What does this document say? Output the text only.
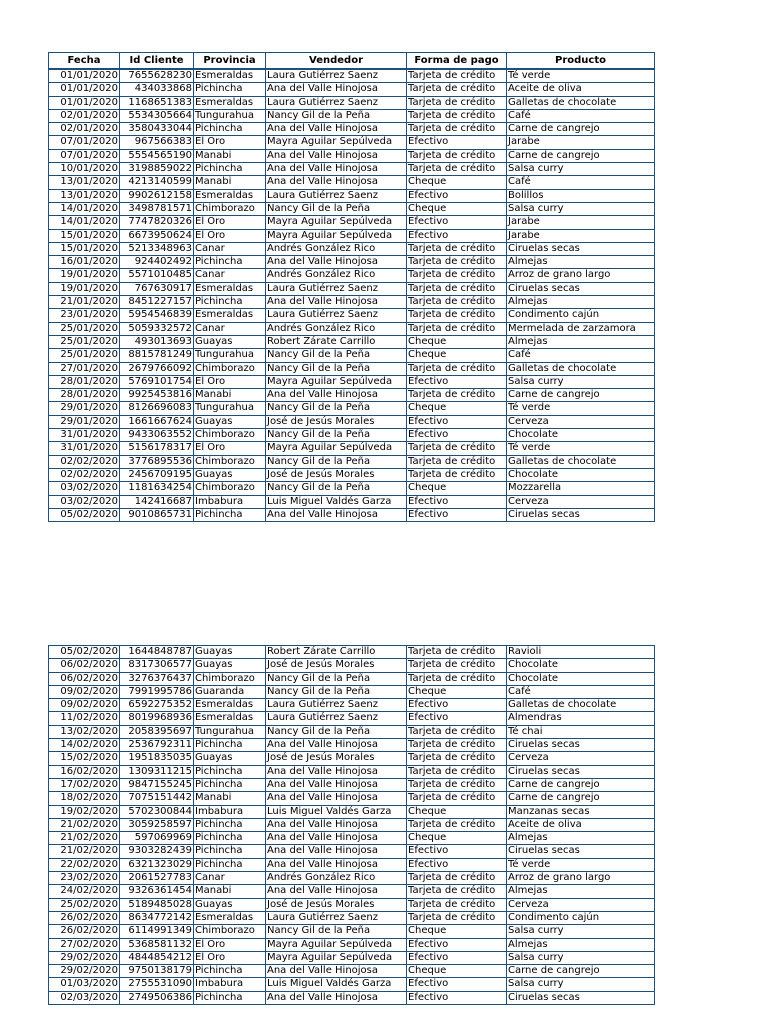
Fecha	Id Cliente	Provincia	Vendedor	Forma de pago	Producto
01/01/2020	7655628230	Esmeraldas	Laura Gutiérrez Saenz	Tarjeta de crédito	Té verde
01/01/2020	434033868	Pichincha	Ana del Valle Hinojosa	Tarjeta de crédito	Aceite de oliva
01/01/2020	1168651383	Esmeraldas	Laura Gutiérrez Saenz	Tarjeta de crédito	Galletas de chocolate
02/01/2020	5534305664	Tungurahua	Nancy Gil de la Peña	Tarjeta de crédito	Café
02/01/2020	3580433044	Pichincha	Ana del Valle Hinojosa	Tarjeta de crédito	Carne de cangrejo
07/01/2020	967566383	El Oro	Mayra Aguilar Sepúlveda	Efectivo	Jarabe
07/01/2020	5554565190	Manabi	Ana del Valle Hinojosa	Tarjeta de crédito	Carne de cangrejo
10/01/2020	3198859022	Pichincha	Ana del Valle Hinojosa	Tarjeta de crédito	Salsa curry
13/01/2020	4213140599	Manabi	Ana del Valle Hinojosa	Cheque	Café
13/01/2020	9902612158	Esmeraldas	Laura Gutiérrez Saenz	Efectivo	Bolillos
14/01/2020	3498781571	Chimborazo	Nancy Gil de la Peña	Cheque	Salsa curry
14/01/2020	7747820326	El Oro	Mayra Aguilar Sepúlveda	Efectivo	Jarabe
15/01/2020	6673950624	El Oro	Mayra Aguilar Sepúlveda	Efectivo	Jarabe
15/01/2020	5213348963	Canar	Andrés González Rico	Tarjeta de crédito	Ciruelas secas
16/01/2020	924402492	Pichincha	Ana del Valle Hinojosa	Tarjeta de crédito	Almejas
19/01/2020	5571010485	Canar	Andrés González Rico	Tarjeta de crédito	Arroz de grano largo
19/01/2020	767630917	Esmeraldas	Laura Gutiérrez Saenz	Tarjeta de crédito	Ciruelas secas
21/01/2020	8451227157	Pichincha	Ana del Valle Hinojosa	Tarjeta de crédito	Almejas
23/01/2020	5954546839	Esmeraldas	Laura Gutiérrez Saenz	Tarjeta de crédito	Condimento cajún
25/01/2020	5059332572	Canar	Andrés González Rico	Tarjeta de crédito	Mermelada de zarzamora
25/01/2020	493013693	Guayas	Robert Zárate Carrillo	Cheque	Almejas
25/01/2020	8815781249	Tungurahua	Nancy Gil de la Peña	Cheque	Café
27/01/2020	2679766092	Chimborazo	Nancy Gil de la Peña	Tarjeta de crédito	Galletas de chocolate
28/01/2020	5769101754	El Oro	Mayra Aguilar Sepúlveda	Efectivo	Salsa curry
28/01/2020	9925453816	Manabi	Ana del Valle Hinojosa	Tarjeta de crédito	Carne de cangrejo
29/01/2020	8126696083	Tungurahua	Nancy Gil de la Peña	Cheque	Té verde
29/01/2020	1661667624	Guayas	José de Jesús Morales	Efectivo	Cerveza
31/01/2020	9433063552	Chimborazo	Nancy Gil de la Peña	Efectivo	Chocolate
31/01/2020	5156178317	El Oro	Mayra Aguilar Sepúlveda	Tarjeta de crédito	Té verde
02/02/2020	3776895536	Chimborazo	Nancy Gil de la Peña	Tarjeta de crédito	Galletas de chocolate
02/02/2020	2456709195	Guayas	José de Jesús Morales	Tarjeta de crédito	Chocolate
03/02/2020	1181634254	Chimborazo	Nancy Gil de la Peña	Cheque	Mozzarella
03/02/2020	142416687	Imbabura	Luis Miguel Valdés Garza	Efectivo	Cerveza
05/02/2020	9010865731	Pichincha	Ana del Valle Hinojosa	Efectivo	Ciruelas secas
05/02/2020	1644848787	Guayas	Robert Zárate Carrillo	Tarjeta de crédito	Ravioli
06/02/2020	8317306577	Guayas	José de Jesús Morales	Tarjeta de crédito	Chocolate
06/02/2020	3276376437	Chimborazo	Nancy Gil de la Peña	Tarjeta de crédito	Chocolate
09/02/2020	7991995786	Guaranda	Nancy Gil de la Peña	Cheque	Café
09/02/2020	6592275352	Esmeraldas	Laura Gutiérrez Saenz	Efectivo	Galletas de chocolate
11/02/2020	8019968936	Esmeraldas	Laura Gutiérrez Saenz	Efectivo	Almendras
13/02/2020	2058395697	Tungurahua	Nancy Gil de la Peña	Tarjeta de crédito	Té chai
14/02/2020	2536792311	Pichincha	Ana del Valle Hinojosa	Tarjeta de crédito	Ciruelas secas
15/02/2020	1951835035	Guayas	José de Jesús Morales	Tarjeta de crédito	Cerveza
16/02/2020	1309311215	Pichincha	Ana del Valle Hinojosa	Tarjeta de crédito	Ciruelas secas
17/02/2020	9847155245	Pichincha	Ana del Valle Hinojosa	Tarjeta de crédito	Carne de cangrejo
18/02/2020	7075151442	Manabi	Ana del Valle Hinojosa	Tarjeta de crédito	Carne de cangrejo
19/02/2020	5702300844	Imbabura	Luis Miguel Valdés Garza	Cheque	Manzanas secas
21/02/2020	3059258597	Pichincha	Ana del Valle Hinojosa	Tarjeta de crédito	Aceite de oliva
21/02/2020	597069969	Pichincha	Ana del Valle Hinojosa	Cheque	Almejas
21/02/2020	9303282439	Pichincha	Ana del Valle Hinojosa	Efectivo	Ciruelas secas
22/02/2020	6321323029	Pichincha	Ana del Valle Hinojosa	Efectivo	Té verde
23/02/2020	2061527783	Canar	Andrés González Rico	Tarjeta de crédito	Arroz de grano largo
24/02/2020	9326361454	Manabi	Ana del Valle Hinojosa	Tarjeta de crédito	Almejas
25/02/2020	5189485028	Guayas	José de Jesús Morales	Tarjeta de crédito	Cerveza
26/02/2020	8634772142	Esmeraldas	Laura Gutiérrez Saenz	Tarjeta de crédito	Condimento cajún
26/02/2020	6114991349	Chimborazo	Nancy Gil de la Peña	Cheque	Salsa curry
27/02/2020	5368581132	El Oro	Mayra Aguilar Sepúlveda	Efectivo	Almejas
29/02/2020	4844854212	El Oro	Mayra Aguilar Sepúlveda	Efectivo	Salsa curry
29/02/2020	9750138179	Pichincha	Ana del Valle Hinojosa	Cheque	Carne de cangrejo
01/03/2020	2755531090	Imbabura	Luis Miguel Valdés Garza	Efectivo	Salsa curry
02/03/2020	2749506386	Pichincha	Ana del Valle Hinojosa	Efectivo	Ciruelas secas
